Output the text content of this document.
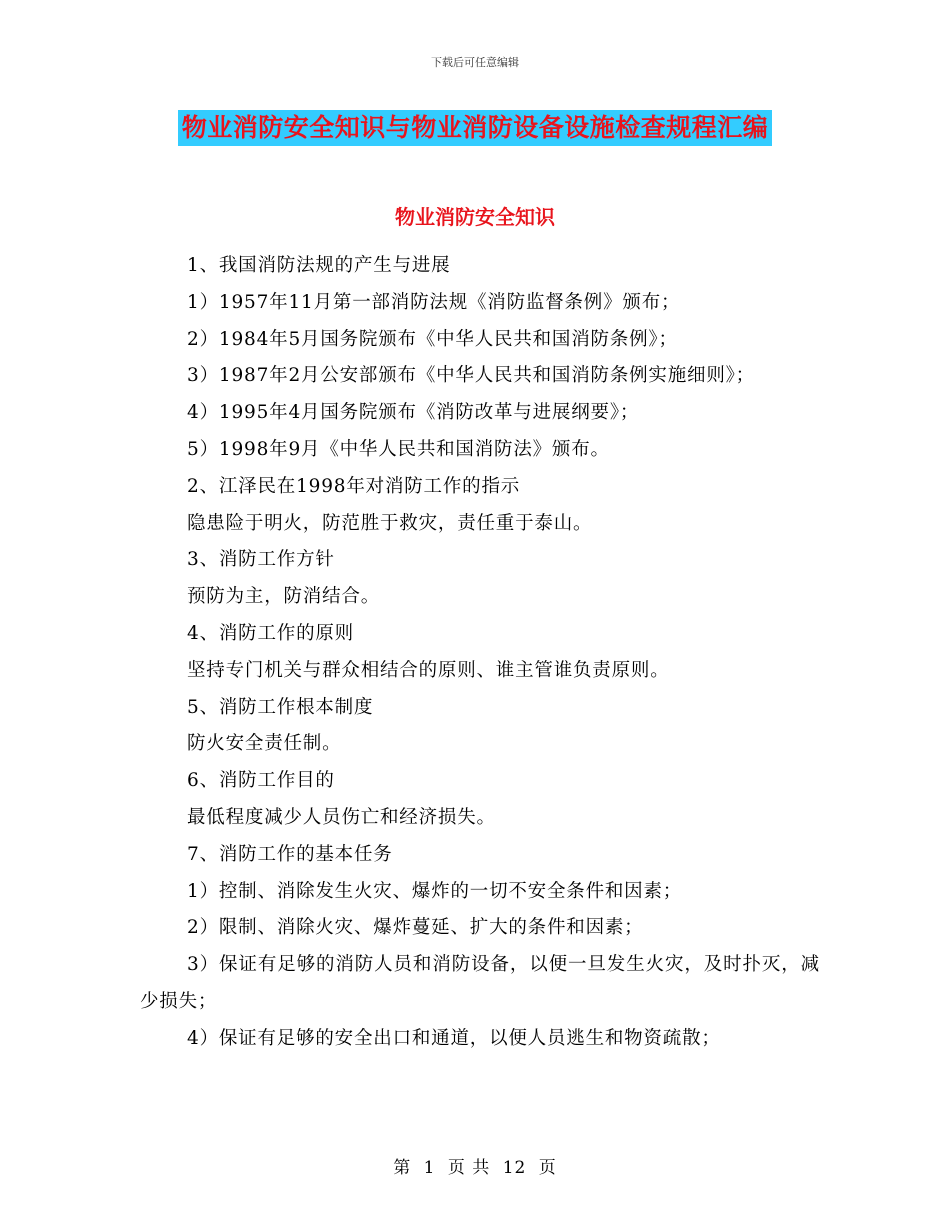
下载后可任意编辑
物业消防安全知识与物业消防设备设施检查规程汇编
物业消防安全知识
1、我国消防法规的产生与进展
1）1957年11月第一部消防法规《消防监督条例》颁布；
2）1984年5月国务院颁布《中华人民共和国消防条例》；
3）1987年2月公安部颁布《中华人民共和国消防条例实施细则》；
4）1995年4月国务院颁布《消防改革与进展纲要》；
5）1998年9月《中华人民共和国消防法》颁布。
2、江泽民在1998年对消防工作的指示
隐患险于明火，防范胜于救灾，责任重于泰山。
3、消防工作方针
预防为主，防消结合。
4、消防工作的原则
坚持专门机关与群众相结合的原则、谁主管谁负责原则。
5、消防工作根本制度
防火安全责任制。
6、消防工作目的
最低程度减少人员伤亡和经济损失。
7、消防工作的基本任务
1）控制、消除发生火灾、爆炸的一切不安全条件和因素；
2）限制、消除火灾、爆炸蔓延、扩大的条件和因素；
3）保证有足够的消防人员和消防设备，以便一旦发生火灾，及时扑灭，减少损失；
4）保证有足够的安全出口和通道，以便人员逃生和物资疏散；
第 1 页 共 12 页
